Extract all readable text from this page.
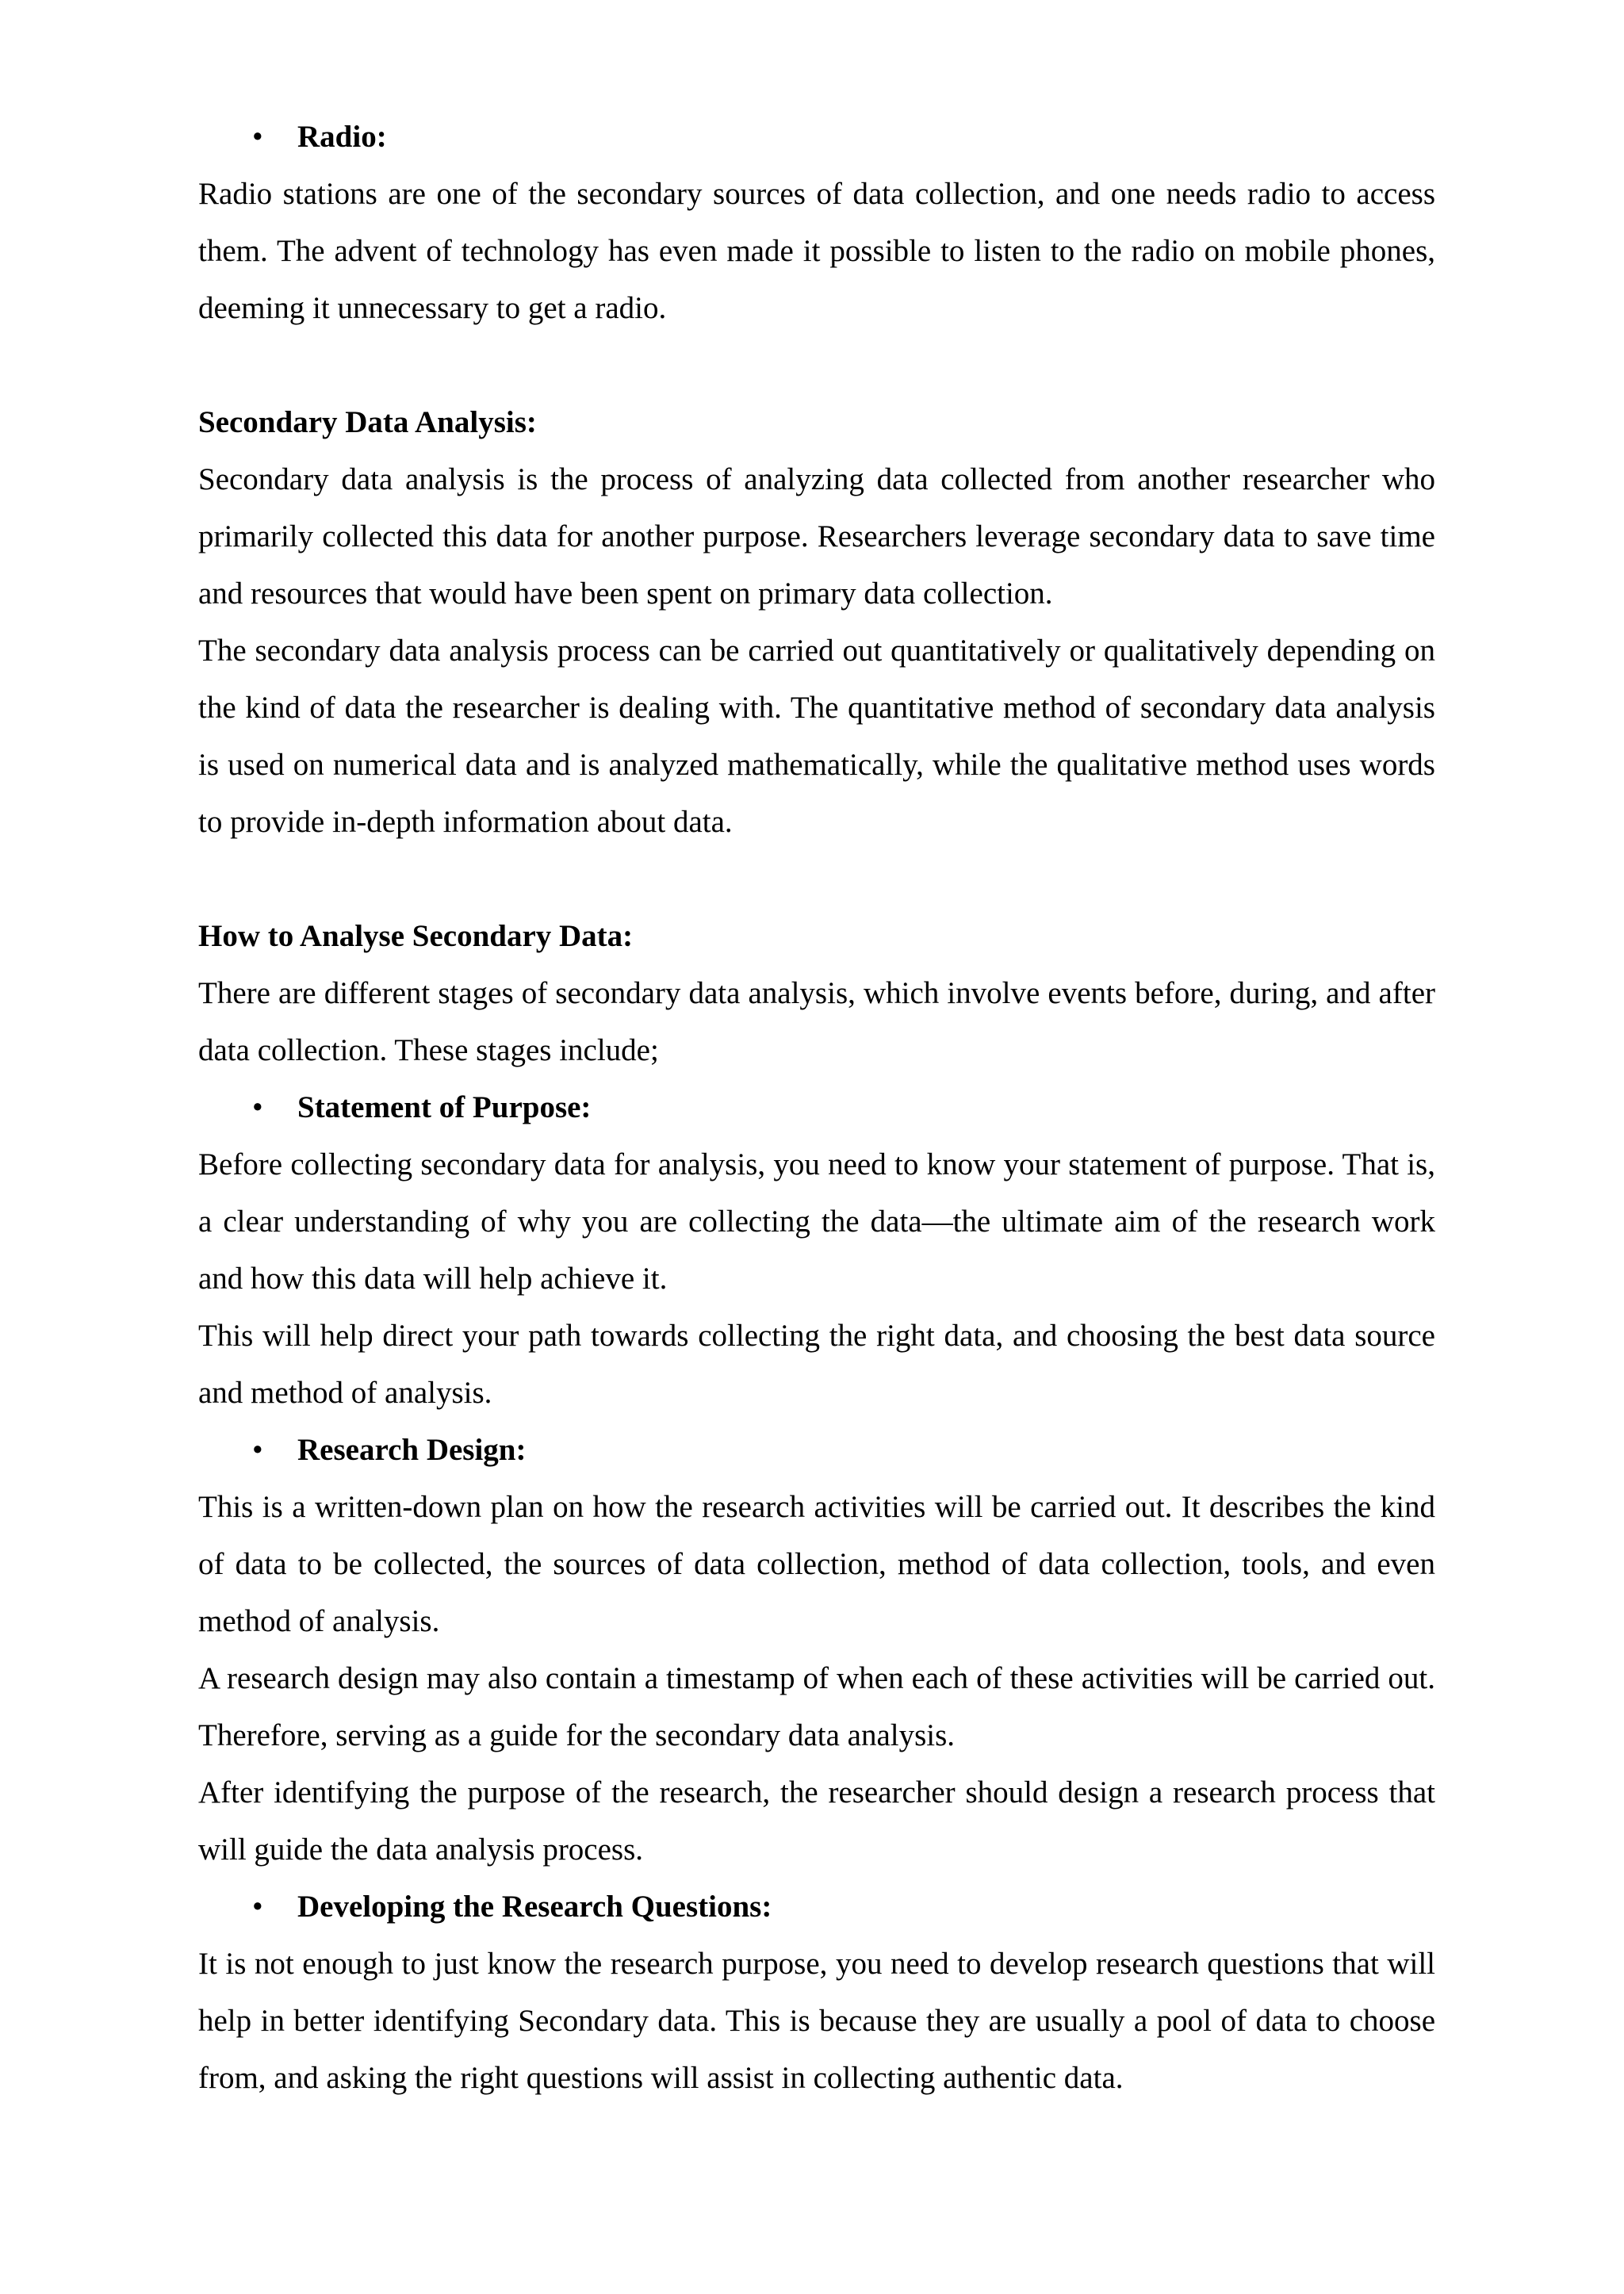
• Radio:

Radio stations are one of the secondary sources of data collection, and one needs radio to access them. The advent of technology has even made it possible to listen to the radio on mobile phones, deeming it unnecessary to get a radio.

Secondary Data Analysis:

Secondary data analysis is the process of analyzing data collected from another researcher who primarily collected this data for another purpose. Researchers leverage secondary data to save time and resources that would have been spent on primary data collection.

The secondary data analysis process can be carried out quantitatively or qualitatively depending on the kind of data the researcher is dealing with. The quantitative method of secondary data analysis is used on numerical data and is analyzed mathematically, while the qualitative method uses words to provide in-depth information about data.

How to Analyse Secondary Data:

There are different stages of secondary data analysis, which involve events before, during, and after data collection. These stages include;

• Statement of Purpose:

Before collecting secondary data for analysis, you need to know your statement of purpose. That is, a clear understanding of why you are collecting the data—the ultimate aim of the research work and how this data will help achieve it.

This will help direct your path towards collecting the right data, and choosing the best data source and method of analysis.

• Research Design:

This is a written-down plan on how the research activities will be carried out. It describes the kind of data to be collected, the sources of data collection, method of data collection, tools, and even method of analysis.

A research design may also contain a timestamp of when each of these activities will be carried out. Therefore, serving as a guide for the secondary data analysis.

After identifying the purpose of the research, the researcher should design a research process that will guide the data analysis process.

• Developing the Research Questions:

It is not enough to just know the research purpose, you need to develop research questions that will help in better identifying Secondary data. This is because they are usually a pool of data to choose from, and asking the right questions will assist in collecting authentic data.
